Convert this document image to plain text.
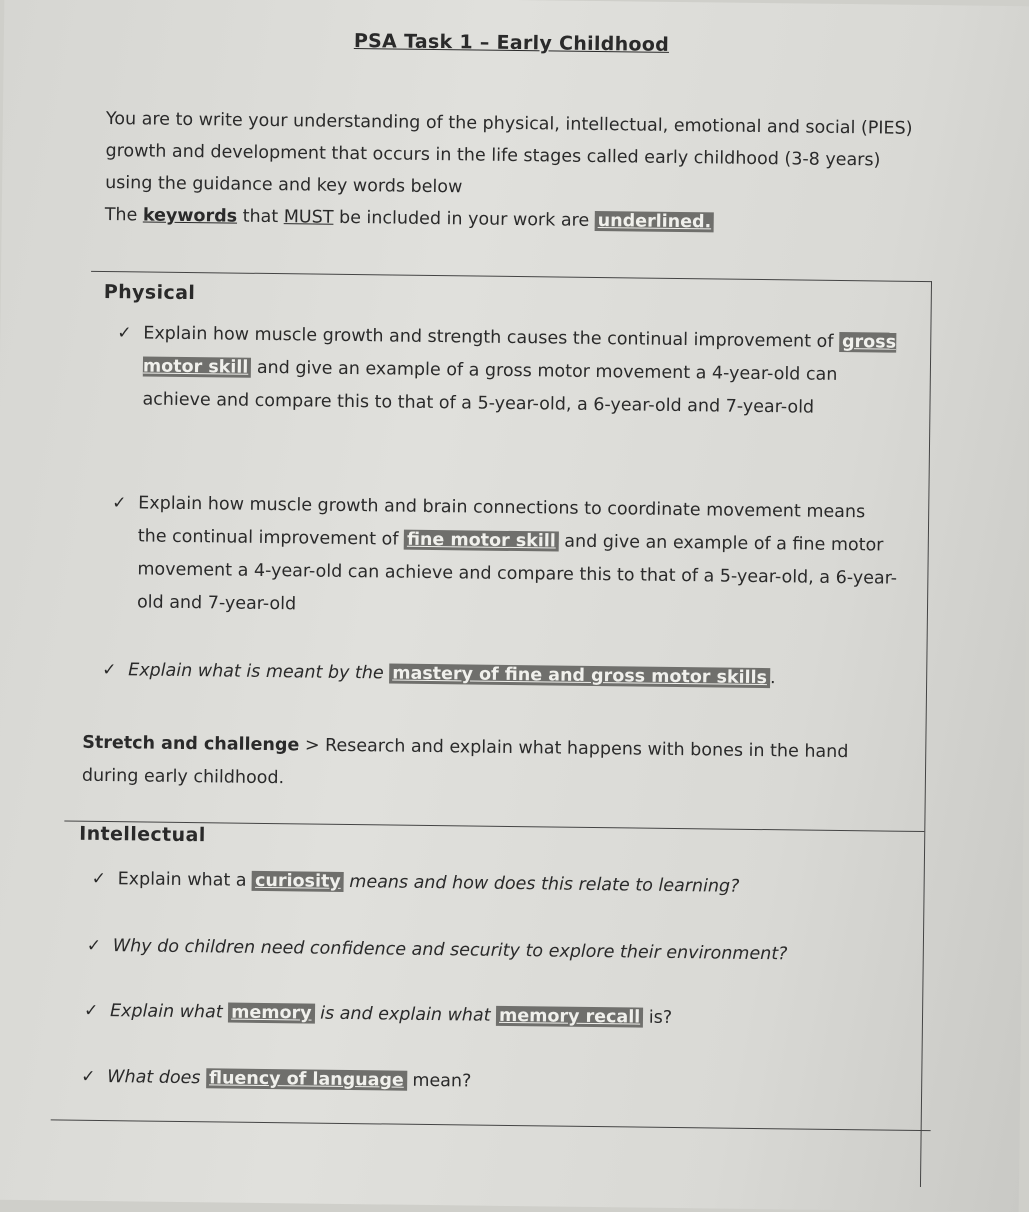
PSA Task 1 – Early Childhood
You are to write your understanding of the physical, intellectual, emotional and social (PIES) growth and development that occurs in the life stages called early childhood (3-8 years) using the guidance and key words below
The keywords that MUST be included in your work are underlined.
Physical
✓ Explain how muscle growth and strength causes the continual improvement of gross motor skill and give an example of a gross motor movement a 4-year-old can achieve and compare this to that of a 5-year-old, a 6-year-old and 7-year-old
✓ Explain how muscle growth and brain connections to coordinate movement means the continual improvement of fine motor skill and give an example of a fine motor movement a 4-year-old can achieve and compare this to that of a 5-year-old, a 6-year-old and 7-year-old
✓ Explain what is meant by the mastery of fine and gross motor skills .
Stretch and challenge > Research and explain what happens with bones in the hand during early childhood.
Intellectual
✓ Explain what a curiosity means and how does this relate to learning?
✓ Why do children need confidence and security to explore their environment?
✓ Explain what memory is and explain what memory recall is?
✓ What does fluency of language mean?
